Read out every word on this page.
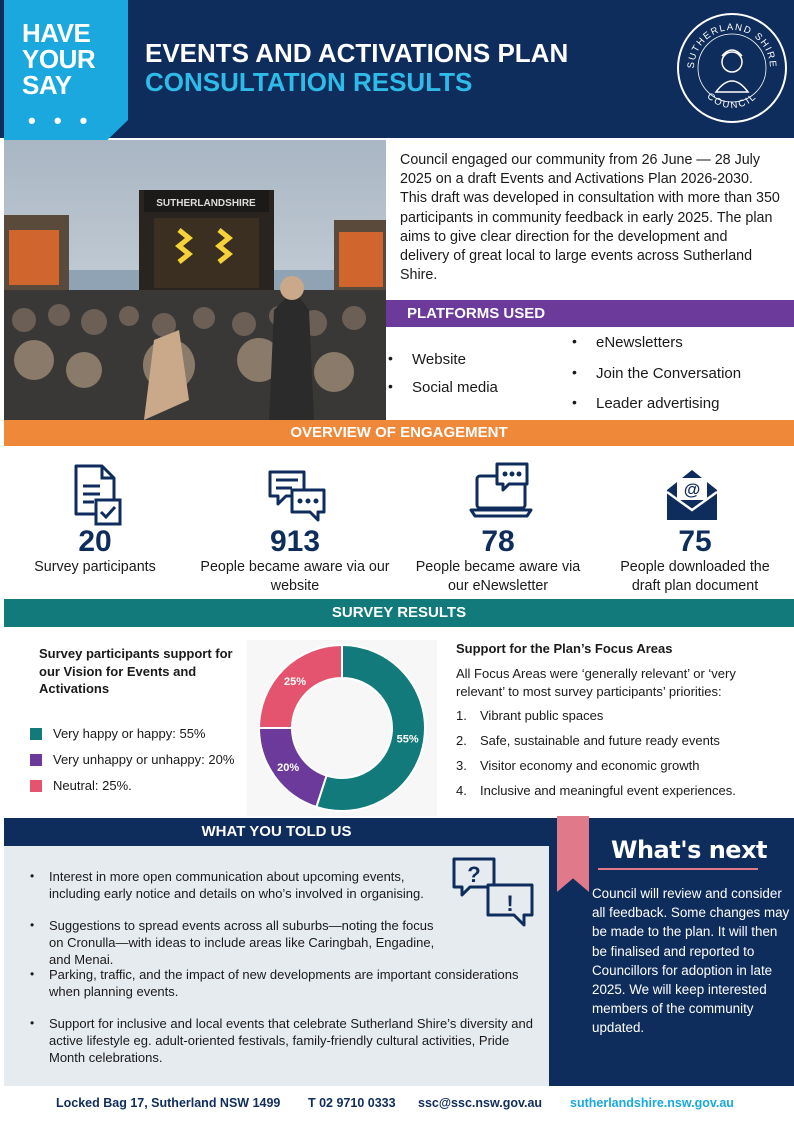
EVENTS AND ACTIVATIONS PLAN
CONSULTATION RESULTS
SUTHERLAND SHIRE
COUNCIL
HAVE
YOUR
SAY
• • •
SUTHERLANDSHIRE
Council engaged our community from 26 June — 28 July 2025 on a draft Events and Activations Plan 2026-2030. This draft was developed in consultation with more than 350 participants in community feedback in early 2025. The plan aims to give clear direction for the development and delivery of great local to large events across Sutherland Shire.
PLATFORMS USED
• Website
• Social media
• eNewsletters
• Join the Conversation
• Leader advertising
OVERVIEW OF ENGAGEMENT
@
20
Survey participants
913
People became aware via our website
78
People became aware via our eNewsletter
75
People downloaded the draft plan document
SURVEY RESULTS
Survey participants support for our Vision for Events and Activations
Very happy or happy: 55%
Very unhappy or unhappy: 20%
Neutral: 25%.
55%
20%
25%
Support for the Plan’s Focus Areas
All Focus Areas were ‘generally relevant’ or ‘very relevant’ to most survey participants’ priorities:
1.	Vibrant public spaces
2.	Safe, sustainable and future ready events
3.	Visitor economy and economic growth
4.	Inclusive and meaningful event experiences.
WHAT YOU TOLD US
• Interest in more open communication about upcoming events, including early notice and details on who’s involved in organising.
• Suggestions to spread events across all suburbs—noting the focus on Cronulla—with ideas to include areas like Caringbah, Engadine, and Menai.
• Parking, traffic, and the impact of new developments are important considerations when planning events.
• Support for inclusive and local events that celebrate Sutherland Shire’s diversity and active lifestyle eg. adult-oriented festivals, family-friendly cultural activities, Pride Month celebrations.
?
!
What's next
Council will review and consider all feedback. Some changes may be made to the plan. It will then be finalised and reported to Councillors for adoption in late 2025. We will keep interested members of the community updated.
Locked Bag 17, Sutherland NSW 1499 T 02 9710 0333 ssc@ssc.nsw.gov.au sutherlandshire.nsw.gov.au
